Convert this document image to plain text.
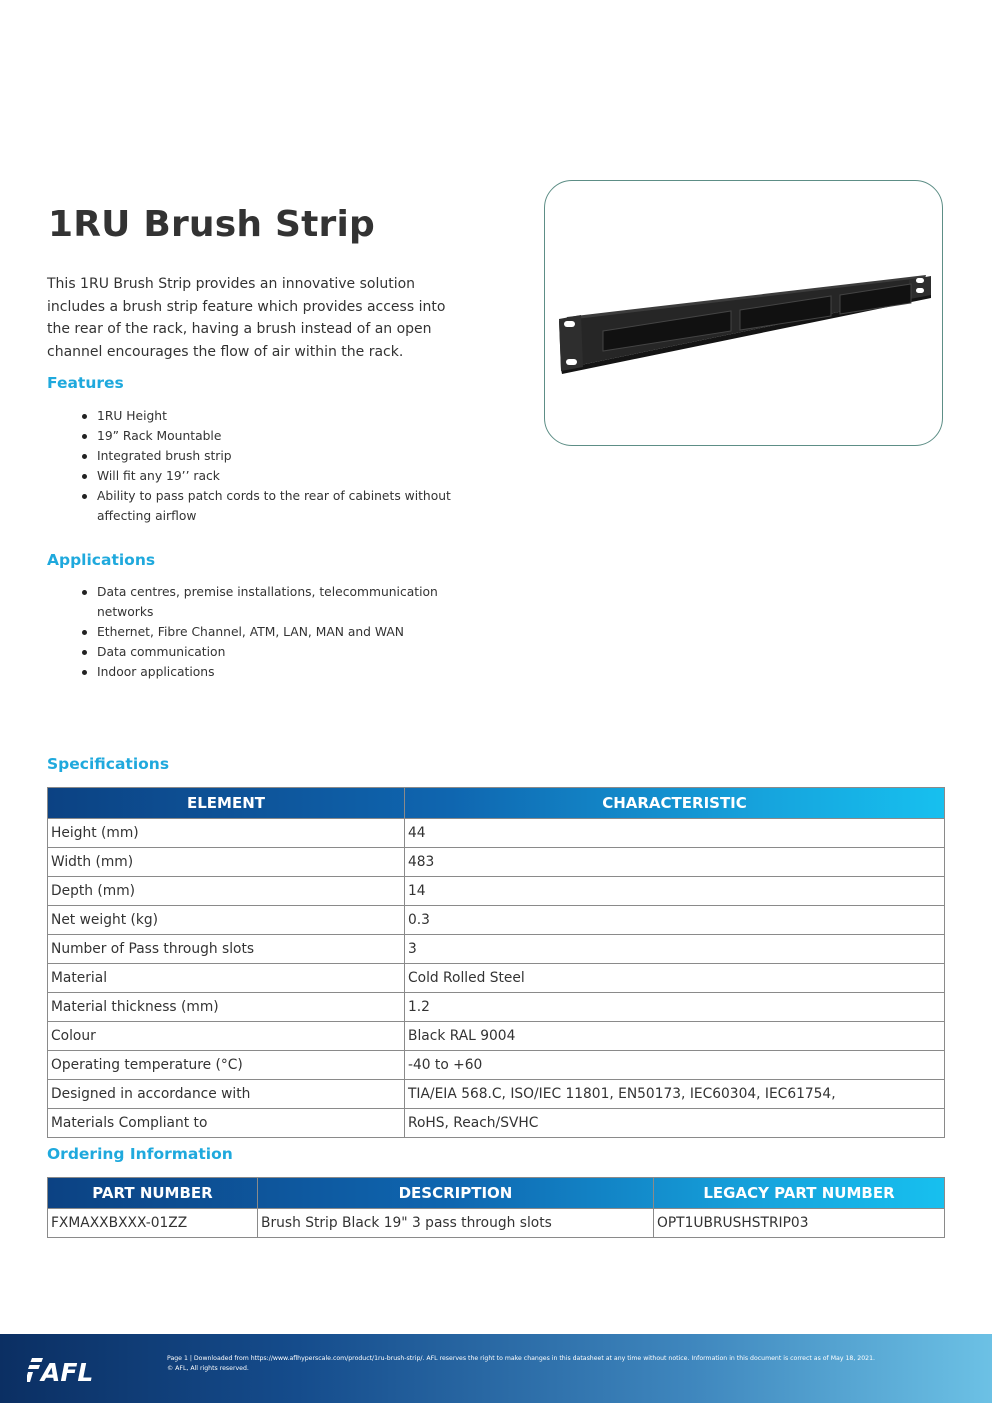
1RU Brush Strip

This 1RU Brush Strip provides an innovative solution includes a brush strip feature which provides access into the rear of the rack, having a brush instead of an open channel encourages the flow of air within the rack.

Features
1RU Height
19” Rack Mountable
Integrated brush strip
Will fit any 19’’ rack
Ability to pass patch cords to the rear of cabinets without affecting airflow
Applications
Data centres, premise installations, telecommunication networks
Ethernet, Fibre Channel, ATM, LAN, MAN and WAN
Data communication
Indoor applications
Specifications
ELEMENT	CHARACTERISTIC
Height (mm)	44
Width (mm)	483
Depth (mm)	14
Net weight (kg)	0.3
Number of Pass through slots	3
Material	Cold Rolled Steel
Material thickness (mm)	1.2
Colour	Black RAL 9004
Operating temperature (°C)	-40 to +60
Designed in accordance with	TIA/EIA 568.C, ISO/IEC 11801, EN50173, IEC60304, IEC61754,
Materials Compliant to	RoHS, Reach/SVHC
Ordering Information
PART NUMBER	DESCRIPTION	LEGACY PART NUMBER
FXMAXXBXXX-01ZZ	Brush Strip Black 19" 3 pass through slots	OPT1UBRUSHSTRIP03
AFL	Page 1 | Downloaded from https://www.aflhyperscale.com/product/1ru-brush-strip/. AFL reserves the right to make changes in this datasheet at any time without notice. Information in this document is correct as of May 18, 2021.
© AFL, All rights reserved.
